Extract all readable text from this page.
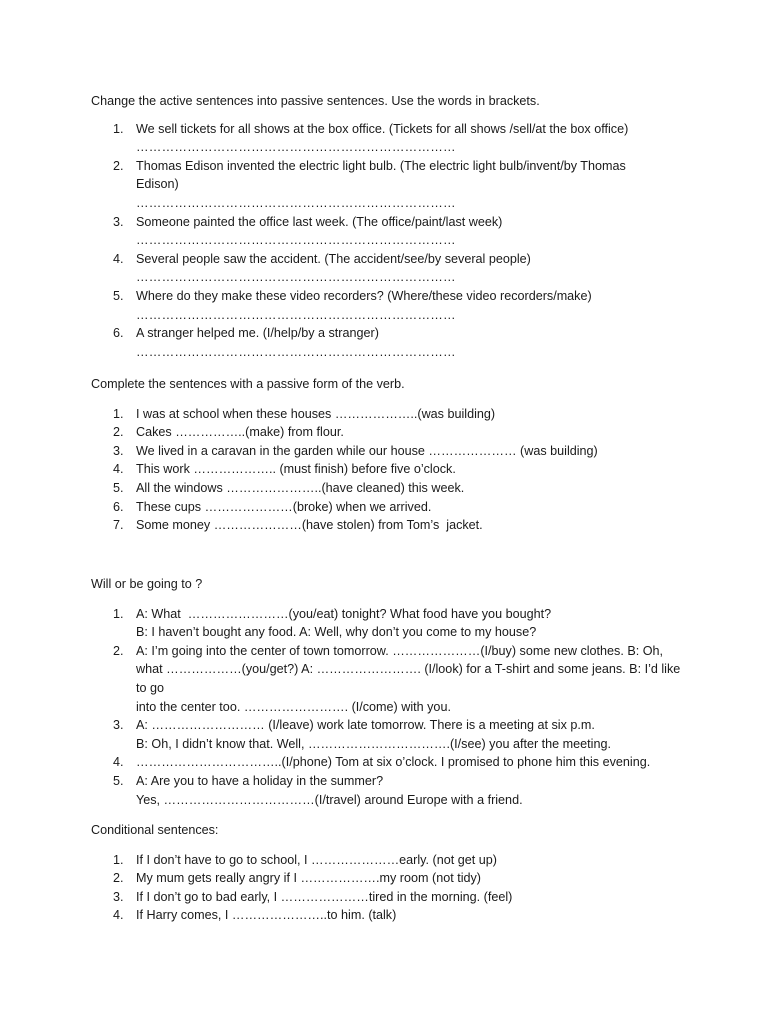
Change the active sentences into passive sentences. Use the words in brackets.

1. We sell tickets for all shows at the box office. (Tickets for all shows /sell/at the box office)
…………………………………………………………………
2. Thomas Edison invented the electric light bulb. (The electric light bulb/invent/by Thomas
Edison)
…………………………………………………………………
3. Someone painted the office last week. (The office/paint/last week)
…………………………………………………………………
4. Several people saw the accident. (The accident/see/by several people)
…………………………………………………………………
5. Where do they make these video recorders? (Where/these video recorders/make)
…………………………………………………………………
6. A stranger helped me. (I/help/by a stranger)
…………………………………………………………………

Complete the sentences with a passive form of the verb.

1. I was at school when these houses ………………..(was building)
2. Cakes ……………..(make) from flour.
3. We lived in a caravan in the garden while our house ………………… (was building)
4. This work ……………….. (must finish) before five o’clock.
5. All the windows …………………..(have cleaned) this week.
6. These cups …………………(broke) when we arrived.
7. Some money …………………(have stolen) from Tom’s  jacket.

Will or be going to ?

1. A: What  ……………………(you/eat) tonight? What food have you bought?
B: I haven’t bought any food. A: Well, why don’t you come to my house?
2. A: I’m going into the center of town tomorrow. …………………(I/buy) some new clothes. B: Oh,
what ………………(you/get?) A: ……………………. (I/look) for a T-shirt and some jeans. B: I’d like to go
into the center too. ……………………. (I/come) with you.
3. A: ……………………… (I/leave) work late tomorrow. There is a meeting at six p.m.
B: Oh, I didn’t know that. Well, …………………………….(I/see) you after the meeting.
4. ……………………………..(I/phone) Tom at six o’clock. I promised to phone him this evening.
5. A: Are you to have a holiday in the summer?
Yes, ………………………………(I/travel) around Europe with a friend.

Conditional sentences:

1. If I don’t have to go to school, I …………………early. (not get up)
2. My mum gets really angry if I ……………….my room (not tidy)
3. If I don’t go to bad early, I …………………tired in the morning. (feel)
4. If Harry comes, I …………………..to him. (talk)
